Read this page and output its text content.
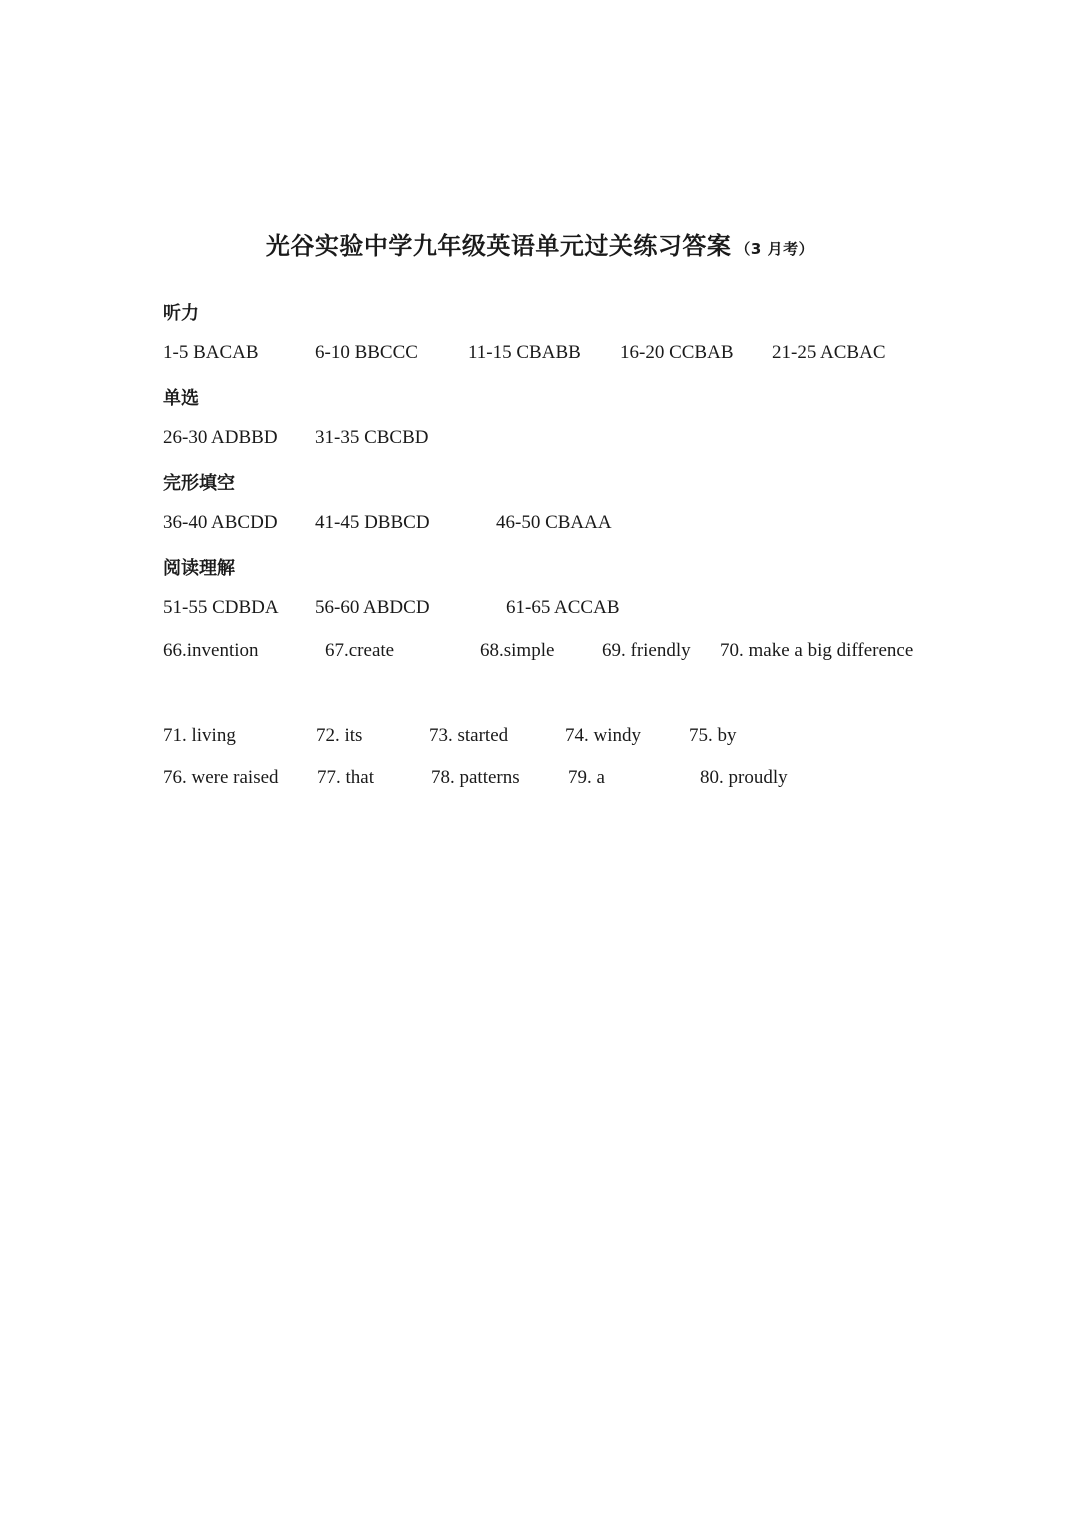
光谷实验中学九年级英语单元过关练习答案 （3 月考）
听力
1-5 BACAB	6-10 BBCCC	11-15 CBABB 16-20 CCBAB 21-25 ACBAC
单选
26-30 ADBBD 31-35 CBCBD
完形填空
36-40 ABCDD 41-45 DBBCD	46-50 CBAAA
阅读理解
51-55 CDBDA 56-60 ABDCD	61-65 ACCAB
66.invention	67.create	68.simple	69. friendly 70. make a big difference
71. living	72. its	73. started	74. windy	75. by
76. were raised 77. that	78. patterns	79. a	80. proudly
